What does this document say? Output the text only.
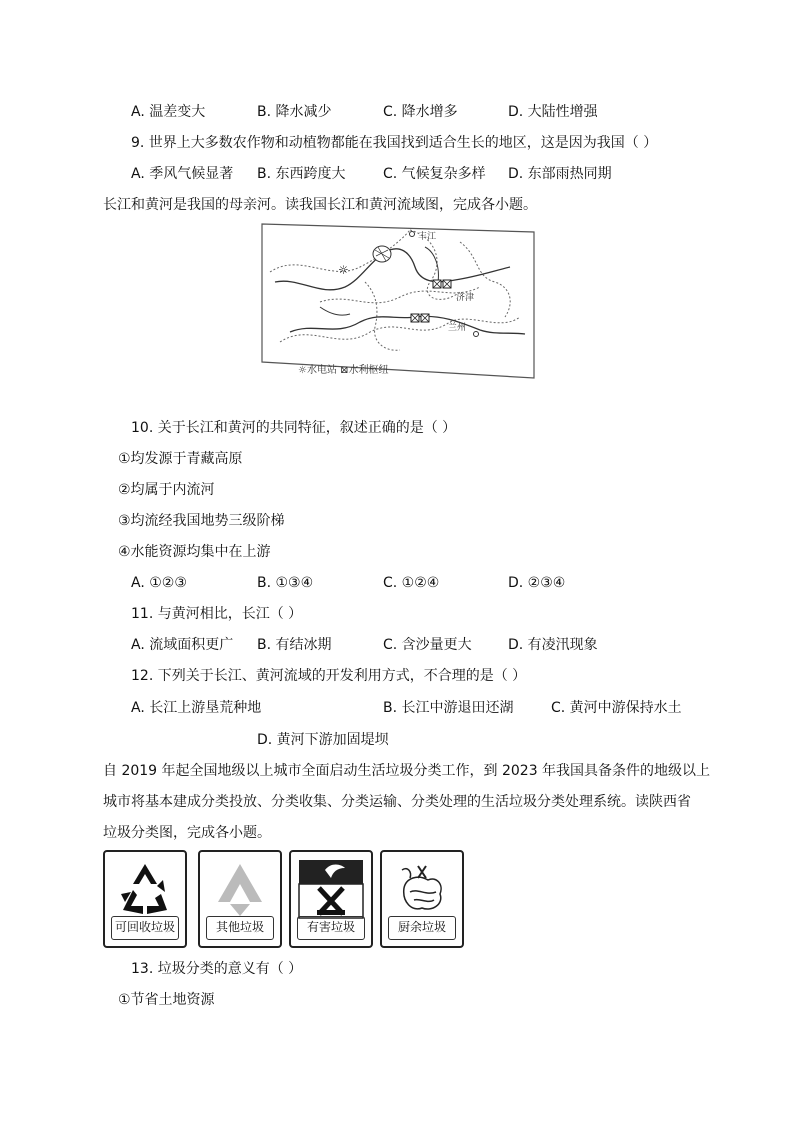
A. 温差变大	B. 降水减少	C. 降水增多	D. 大陆性增强
9. 世界上大多数农作物和动植物都能在我国找到适合生长的地区，这是因为我国（ ）
A. 季风气候显著 B. 东西跨度大	C. 气候复杂多样 D. 东部雨热同期
长江和黄河是我国的母亲河。读我国长江和黄河流域图，完成各小题。
☼
丰江
济津
兰州
☼水电站 ⊠水利枢纽
10. 关于长江和黄河的共同特征，叙述正确的是（ ）
①均发源于青藏高原
②均属于内流河
③均流经我国地势三级阶梯
④水能资源均集中在上游
A. ①②③	B. ①③④	C. ①②④	D. ②③④
11. 与黄河相比，长江（ ）
A. 流域面积更广 B. 有结冰期	C. 含沙量更大	D. 有凌汛现象
12. 下列关于长江、黄河流域的开发利用方式，不合理的是（ ）
A. 长江上游垦荒种地	B. 长江中游退田还湖	C. 黄河中游保持水土
D. 黄河下游加固堤坝
自 2019 年起全国地级以上城市全面启动生活垃圾分类工作，到 2023 年我国具备条件的地级以上
城市将基本建成分类投放、分类收集、分类运输、分类处理的生活垃圾分类处理系统。读陕西省
垃圾分类图，完成各小题。
可回收垃圾	其他垃圾	有害垃圾	厨余垃圾
13. 垃圾分类的意义有（ ）
①节省土地资源
